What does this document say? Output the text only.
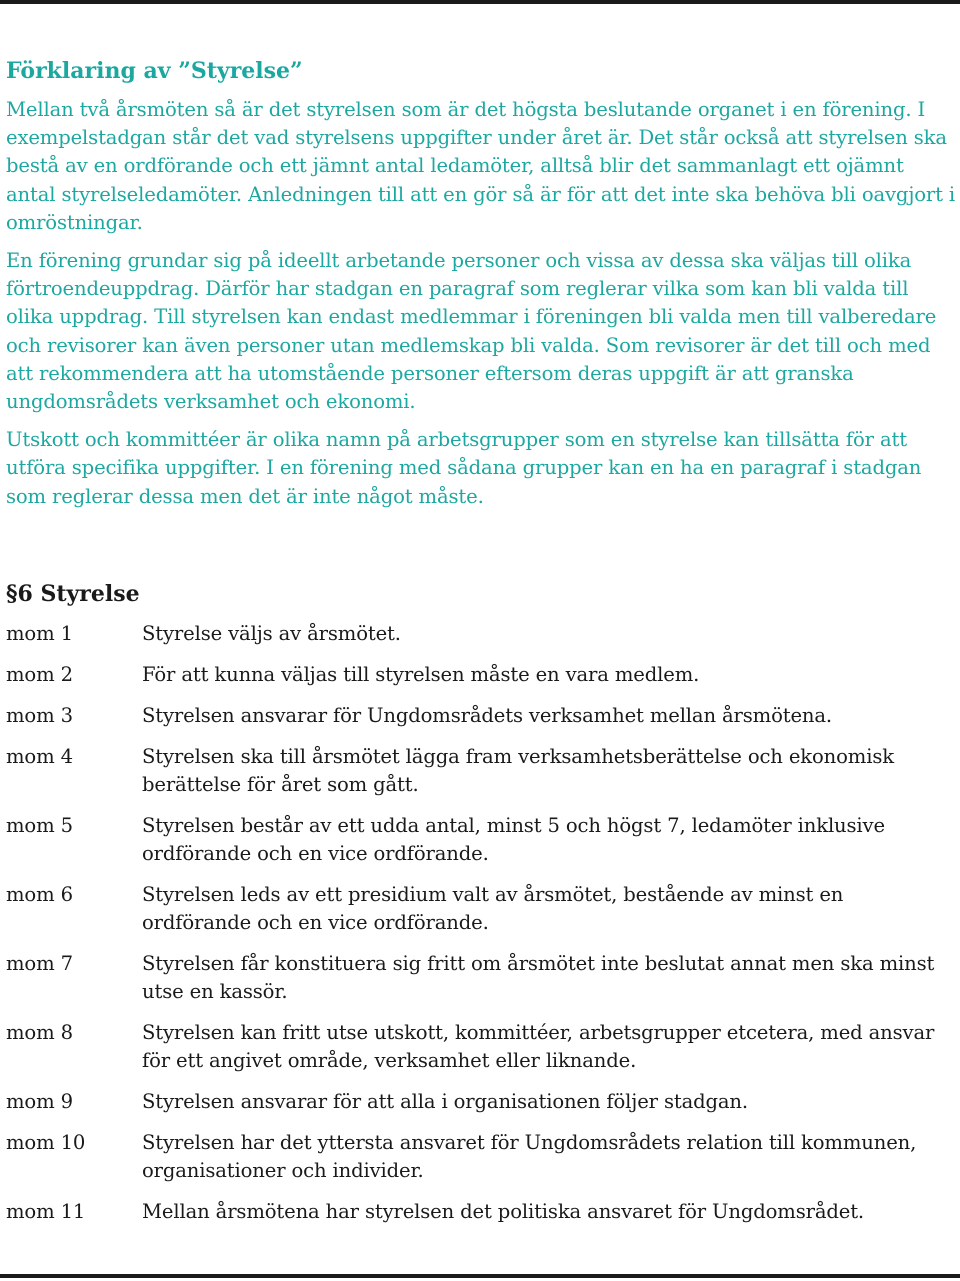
Förklaring av ”Styrelse”

Mellan två årsmöten så är det styrelsen som är det högsta beslutande organet i en förening. I exempelstadgan står det vad styrelsens uppgifter under året är. Det står också att styrelsen ska bestå av en ordförande och ett jämnt antal ledamöter, alltså blir det sammanlagt ett ojämnt antal styrelseledamöter. Anledningen till att en gör så är för att det inte ska behöva bli oavgjort i omröstningar.

En förening grundar sig på ideellt arbetande personer och vissa av dessa ska väljas till olika förtroendeuppdrag. Därför har stadgan en paragraf som reglerar vilka som kan bli valda till olika uppdrag. Till styrelsen kan endast medlemmar i föreningen bli valda men till valberedare och revisorer kan även personer utan medlemskap bli valda. Som revisorer är det till och med att rekommendera att ha utomstående personer eftersom deras uppgift är att granska ungdomsrådets verksamhet och ekonomi.

Utskott och kommittéer är olika namn på arbetsgrupper som en styrelse kan tillsätta för att utföra specifika uppgifter. I en förening med sådana grupper kan en ha en paragraf i stadgan som reglerar dessa men det är inte något måste.

§6 Styrelse
mom 1	Styrelse väljs av årsmötet.
mom 2	För att kunna väljas till styrelsen måste en vara medlem.
mom 3	Styrelsen ansvarar för Ungdomsrådets verksamhet mellan årsmötena.
mom 4	Styrelsen ska till årsmötet lägga fram verksamhetsberättelse och ekonomisk berättelse för året som gått.
mom 5	Styrelsen består av ett udda antal, minst 5 och högst 7, ledamöter inklusive ordförande och en vice ordförande.
mom 6	Styrelsen leds av ett presidium valt av årsmötet, bestående av minst en ordförande och en vice ordförande.
mom 7	Styrelsen får konstituera sig fritt om årsmötet inte beslutat annat men ska minst utse en kassör.
mom 8	Styrelsen kan fritt utse utskott, kommittéer, arbetsgrupper etcetera, med ansvar för ett angivet område, verksamhet eller liknande.
mom 9	Styrelsen ansvarar för att alla i organisationen följer stadgan.
mom 10	Styrelsen har det yttersta ansvaret för Ungdomsrådets relation till kommunen, organisationer och individer.
mom 11	Mellan årsmötena har styrelsen det politiska ansvaret för Ungdomsrådet.
